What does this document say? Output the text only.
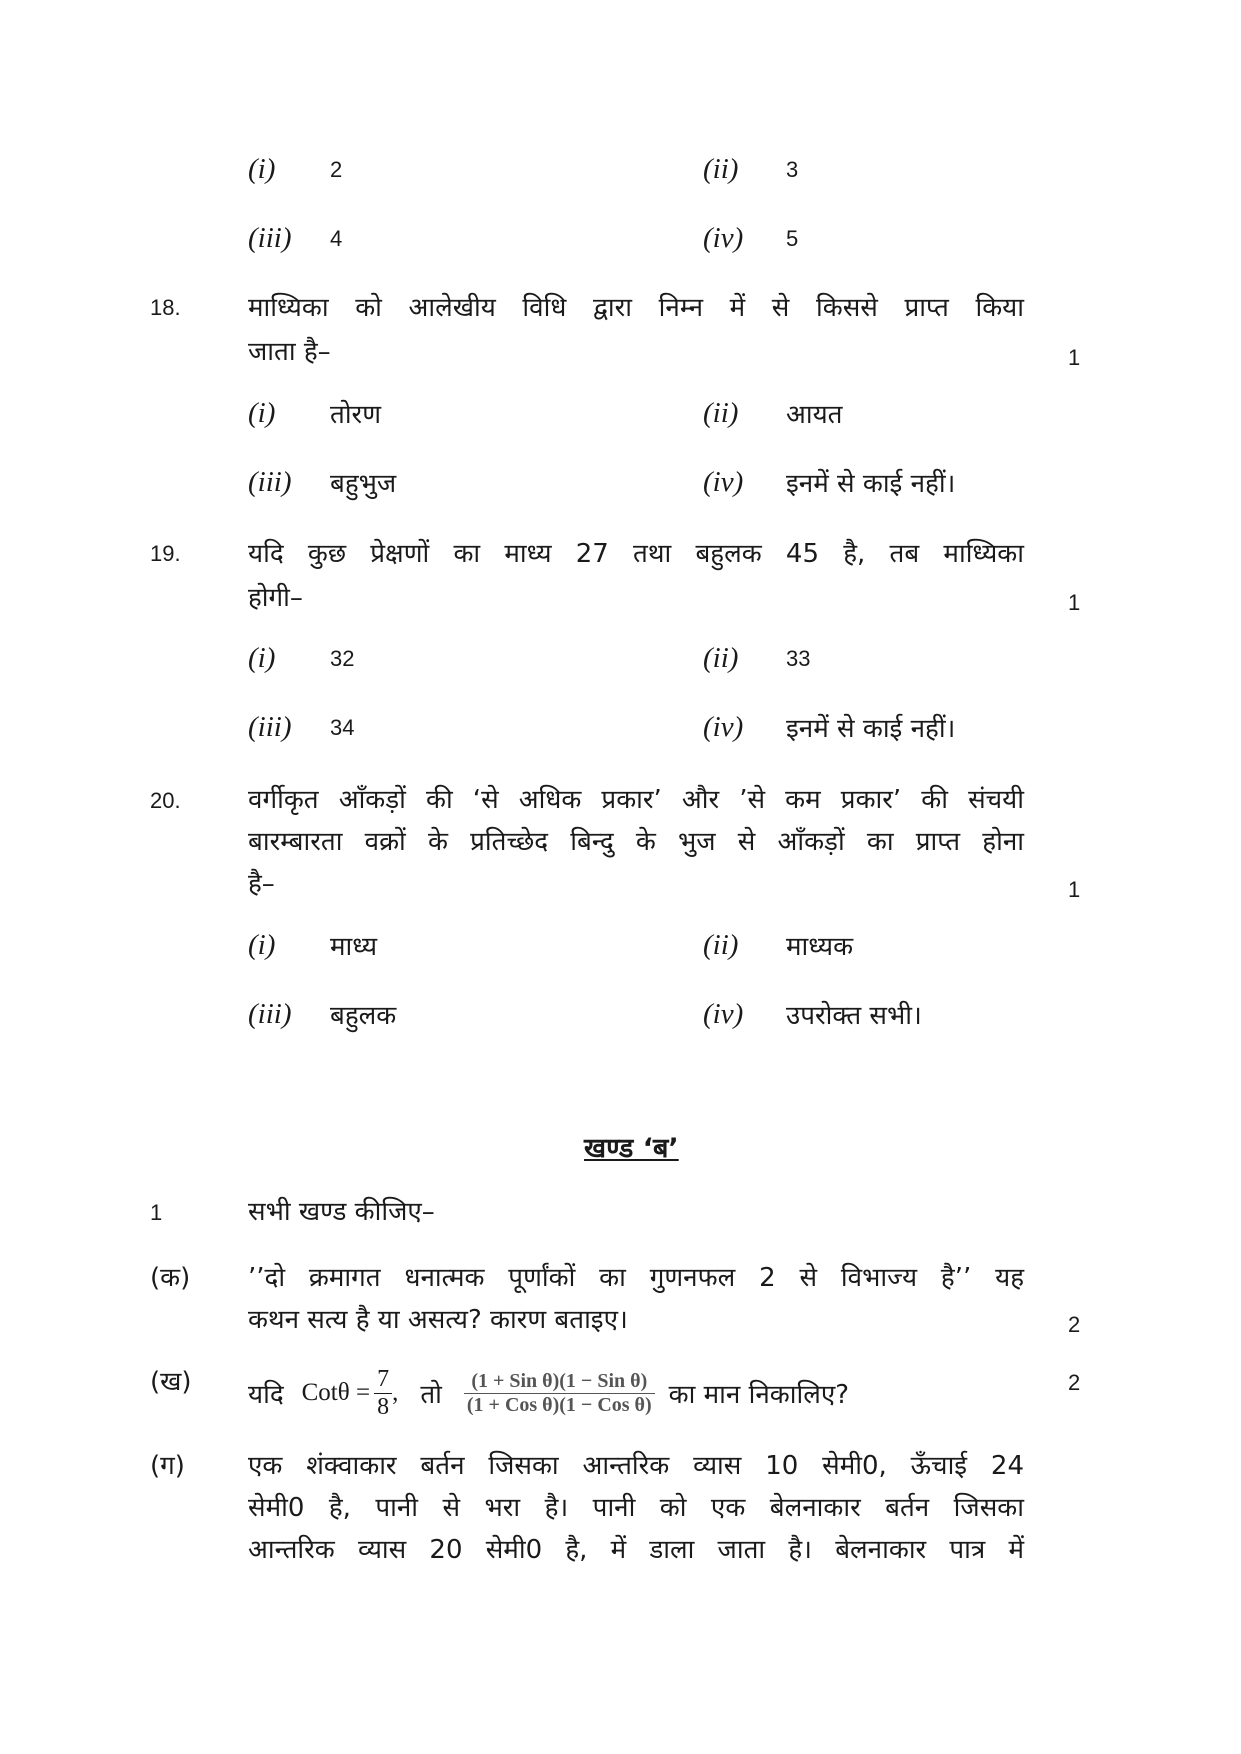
(i) 2	(ii) 3
(iii) 4	(iv) 5
18.	माध्यिका को आलेखीय विधि द्वारा निम्न में से किससे प्राप्त किया
जाता है–	1
(i) तोरण	(ii) आयत
(iii) बहुभुज	(iv) इनमें से काई नहीं।
19.	यदि कुछ प्रेक्षणों का माध्य 27 तथा बहुलक 45 है, तब माध्यिका
होगी–	1
(i) 32	(ii) 33
(iii) 34	(iv) इनमें से काई नहीं।
20.	वर्गीकृत आँकड़ों की ‘से अधिक प्रकार’ और ’से कम प्रकार’ की संचयी
बारम्बारता वक्रों के प्रतिच्छेद बिन्दु के भुज से आँकड़ों का प्राप्त होना
है–	1
(i) माध्य	(ii) माध्यक
(iii) बहुलक	(iv) उपरोक्त सभी।
खण्ड ‘ब’
1	सभी खण्ड कीजिए–
(क) ’’दो क्रमागत धनात्मक पूर्णांकों का गुणनफल 2 से विभाज्य है’’ यह
कथन सत्य है या असत्य? कारण बताइए।	2
(ख) यदि $Cot\theta = \frac{7}{8}$ , तो $\frac{\text{(1 + Sin θ)(1 − Sin θ)}}{\text{(1 + Cos θ)(1 − Cos θ)}}$ का मान निकालिए?	2
(ग) एक शंक्वाकार बर्तन जिसका आन्तरिक व्यास 10 सेमी0, ऊँचाई 24
सेमी0 है, पानी से भरा है। पानी को एक बेलनाकार बर्तन जिसका
आन्तरिक व्यास 20 सेमी0 है, में डाला जाता है। बेलनाकार पात्र में
